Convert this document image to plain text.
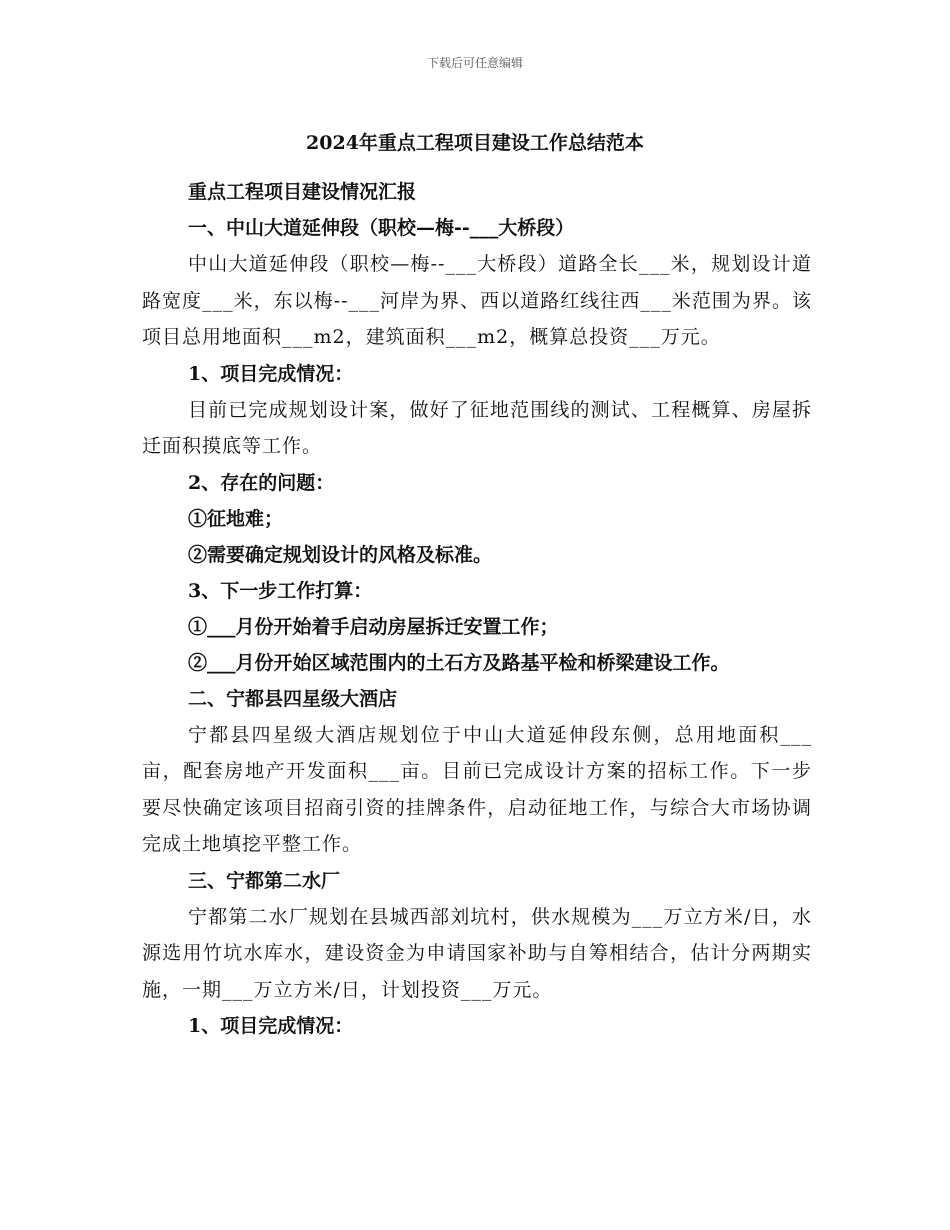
下载后可任意编辑
2024年重点工程项目建设工作总结范本
重点工程项目建设情况汇报
一、中山大道延伸段（职校—梅--___大桥段）

中山大道延伸段（职校—梅--___大桥段）道路全长___米，规划设计道路宽度___米，东以梅--___河岸为界、西以道路红线往西___米范围为界。该项目总用地面积___m2，建筑面积___m2，概算总投资___万元。

1、项目完成情况：

目前已完成规划设计案，做好了征地范围线的测试、工程概算、房屋拆迁面积摸底等工作。

2、存在的问题：
①征地难；
②需要确定规划设计的风格及标准。
3、下一步工作打算：
①___月份开始着手启动房屋拆迁安置工作；
②___月份开始区域范围内的土石方及路基平检和桥梁建设工作。
二、宁都县四星级大酒店

宁都县四星级大酒店规划位于中山大道延伸段东侧，总用地面积___亩，配套房地产开发面积___亩。目前已完成设计方案的招标工作。下一步要尽快确定该项目招商引资的挂牌条件，启动征地工作，与综合大市场协调完成土地填挖平整工作。

三、宁都第二水厂

宁都第二水厂规划在县城西部刘坑村，供水规模为___万立方米/日，水源选用竹坑水库水，建设资金为申请国家补助与自筹相结合，估计分两期实施，一期___万立方米/日，计划投资___万元。

1、项目完成情况：
